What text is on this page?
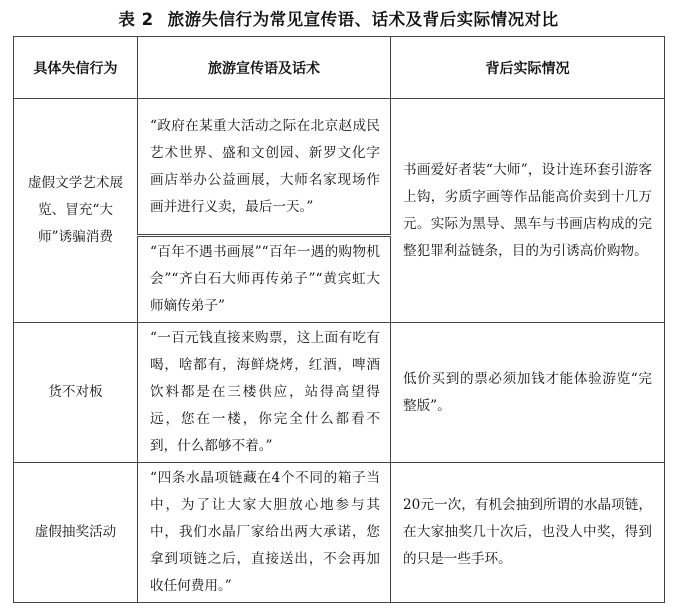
表 2 旅游失信行为常见宣传语、话术及背后实际情况对比
具体失信行为	旅游宣传语及话术	背后实际情况
虚假文学艺术展览、冒充“大师”诱骗消费	“政府在某重大活动之际在北京赵成民艺术世界、盛和文创园、新罗文化字画店举办公益画展，大师名家现场作画并进行义卖，最后一天。”	书画爱好者装“大师”，设计连环套引游客上钩，劣质字画等作品能高价卖到十几万元。实际为黑导、黑车与书画店构成的完整犯罪利益链条，目的为引诱高价购物。
	“百年不遇书画展”“百年一遇的购物机会”“齐白石大师再传弟子”“黄宾虹大师嫡传弟子”	
货不对板	“一百元钱直接来购票，这上面有吃有喝，啥都有，海鲜烧烤，红酒，啤酒饮料都是在三楼供应，站得高望得远，您在一楼，你完全什么都看不到，什么都够不着。”	低价买到的票必须加钱才能体验游览“完整版”。
虚假抽奖活动	“四条水晶项链藏在4个不同的箱子当中，为了让大家大胆放心地参与其中，我们水晶厂家给出两大承诺，您拿到项链之后，直接送出，不会再加收任何费用。”	20元一次，有机会抽到所谓的水晶项链，在大家抽奖几十次后，也没人中奖，得到的只是一些手环。
